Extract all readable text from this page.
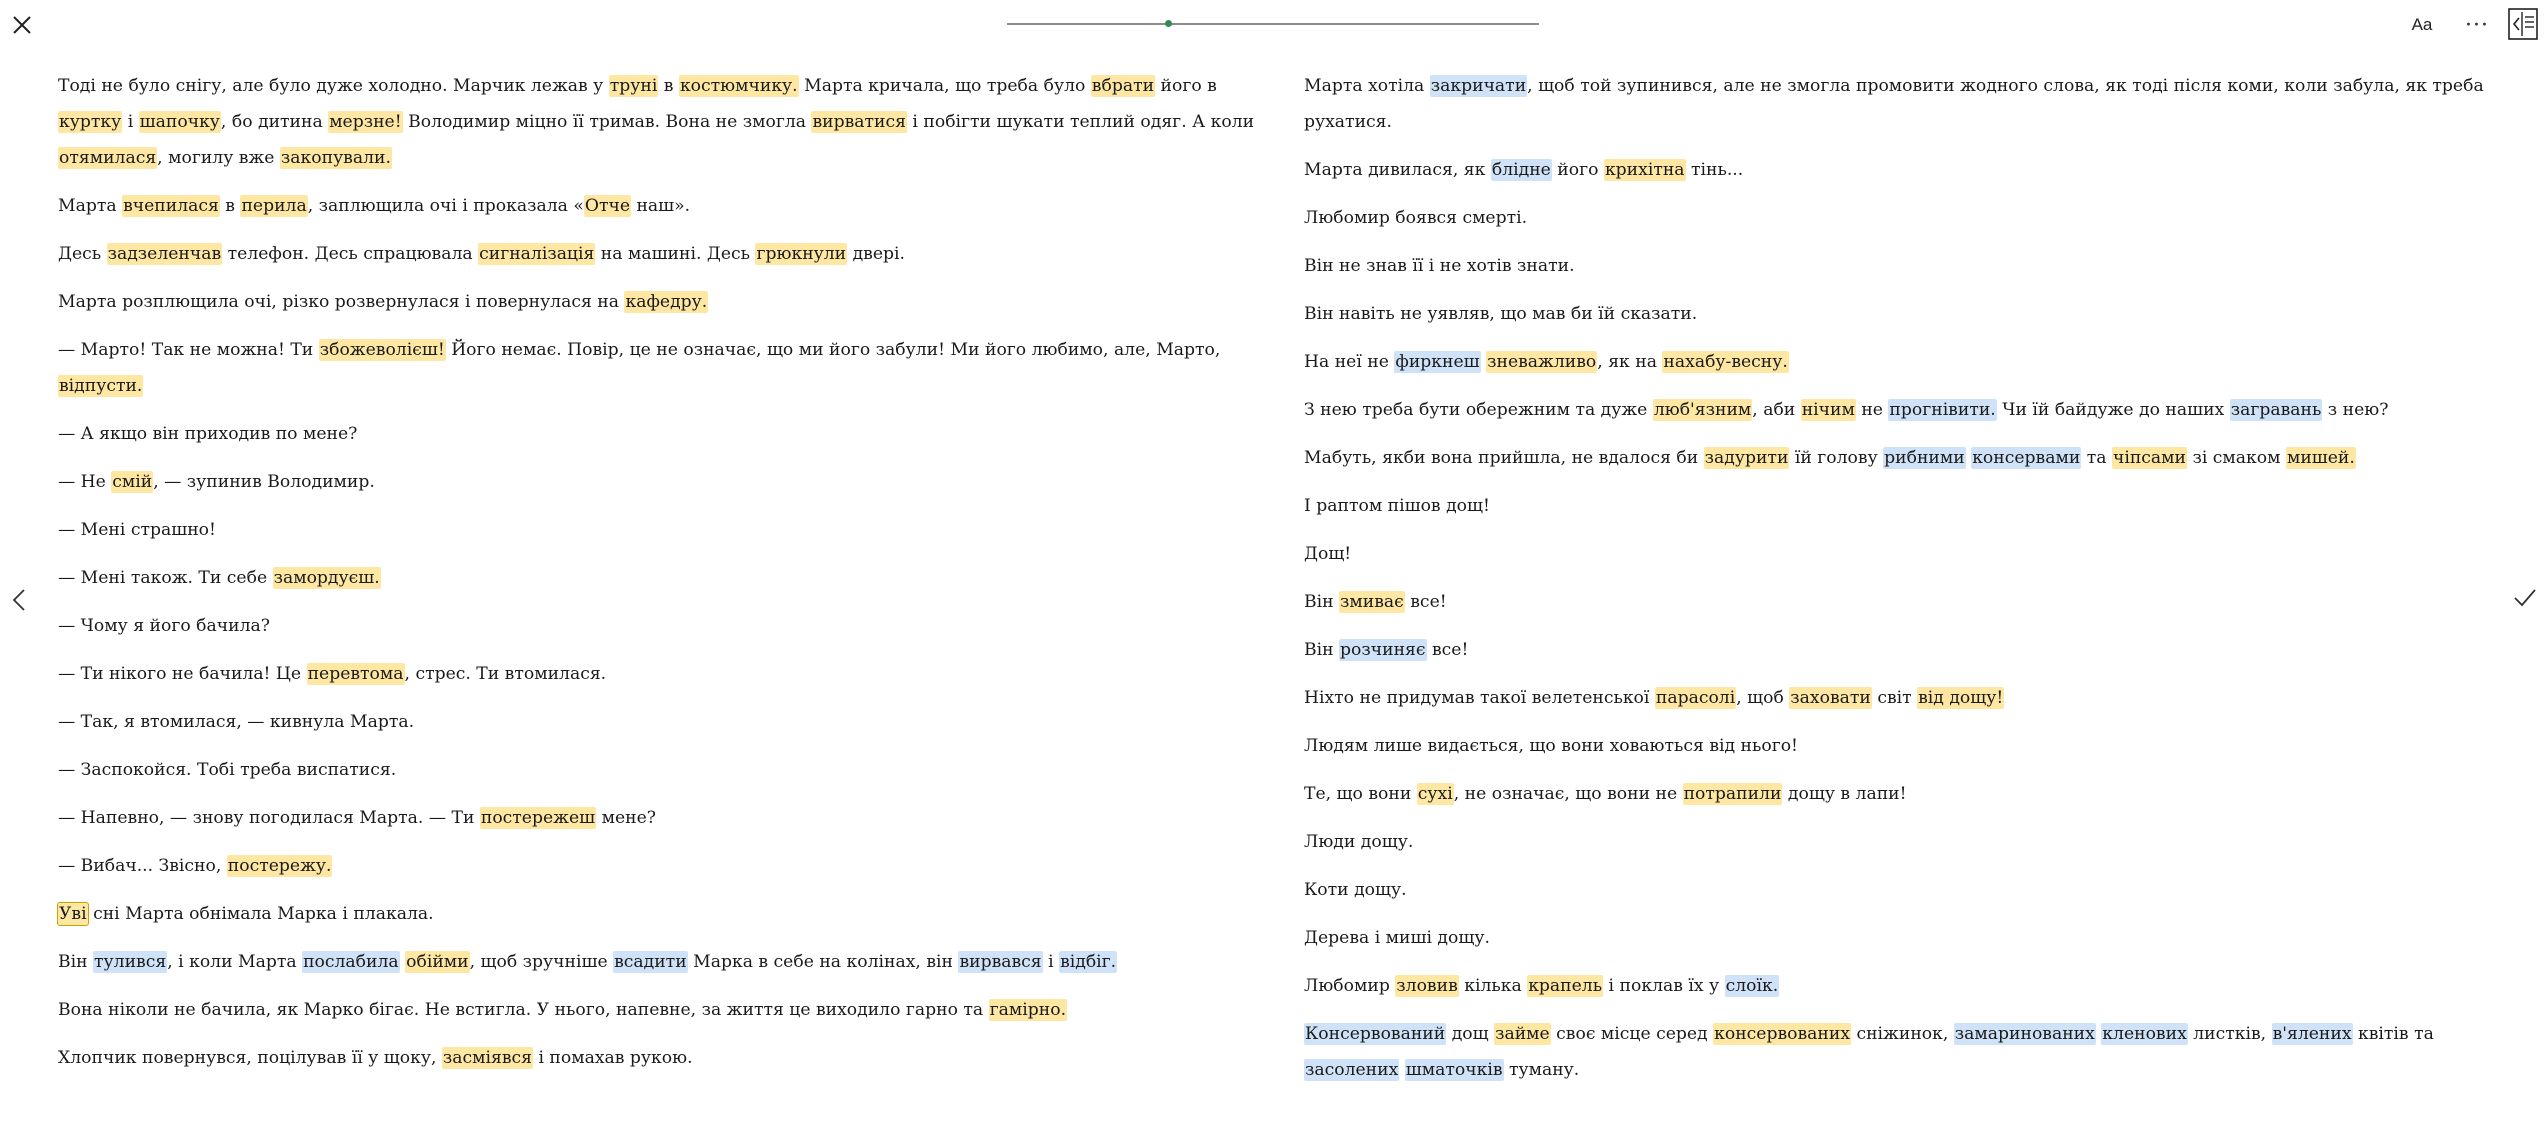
Aa	···

Тоді не було снігу, але було дуже холодно. Марчик лежав у труні в костюмчику. Марта кричала, що треба було вбрати його в куртку і шапочку, бо дитина мерзне! Володимир міцно її тримав. Вона не змогла вирватися і побігти шукати теплий одяг. А коли отямилася, могилу вже закопували.

Марта вчепилася в перила, заплющила очі і проказала «Отче наш».

Десь задзеленчав телефон. Десь спрацювала сигналізація на машині. Десь грюкнули двері.

Марта розплющила очі, різко розвернулася і повернулася на кафедру.

— Марто! Так не можна! Ти збожеволієш! Його немає. Повір, це не означає, що ми його забули! Ми його любимо, але, Марто, відпусти.

— А якщо він приходив по мене?

— Не смій, — зупинив Володимир.

— Мені страшно!

— Мені також. Ти себе замордуєш.

— Чому я його бачила?

— Ти нікого не бачила! Це перевтома, стрес. Ти втомилася.

— Так, я втомилася, — кивнула Марта.

— Заспокойся. Тобі треба виспатися.

— Напевно, — знову погодилася Марта. — Ти постережеш мене?

— Вибач... Звісно, постережу.

Уві сні Марта обнімала Марка і плакала.

Він тулився, і коли Марта послабила обійми, щоб зручніше всадити Марка в себе на колінах, він вирвався і відбіг.

Вона ніколи не бачила, як Марко бігає. Не встигла. У нього, напевне, за життя це виходило гарно та гамірно.

Хлопчик повернувся, поцілував її у щоку, засміявся і помахав рукою.

Марта хотіла закричати, щоб той зупинився, але не змогла промовити жодного слова, як тоді після коми, коли забула, як треба рухатися.

Марта дивилася, як блідне його крихітна тінь...

Любомир боявся смерті.

Він не знав її і не хотів знати.

Він навіть не уявляв, що мав би їй сказати.

На неї не фиркнеш зневажливо, як на нахабу-весну.

З нею треба бути обережним та дуже люб'язним, аби нічим не прогнівити. Чи їй байдуже до наших загравань з нею?

Мабуть, якби вона прийшла, не вдалося би задурити їй голову рибними консервами та чіпсами зі смаком мишей.

І раптом пішов дощ!

Дощ!

Він змиває все!

Він розчиняє все!

Ніхто не придумав такої велетенської парасолі, щоб заховати світ від дощу!

Людям лише видається, що вони ховаються від нього!

Те, що вони сухі, не означає, що вони не потрапили дощу в лапи!

Люди дощу.

Коти дощу.

Дерева і миші дощу.

Любомир зловив кілька крапель і поклав їх у слоїк.

Консервований дощ займе своє місце серед консервованих сніжинок, замаринованих кленових листків, в'ялених квітів та засолених шматочків туману.
